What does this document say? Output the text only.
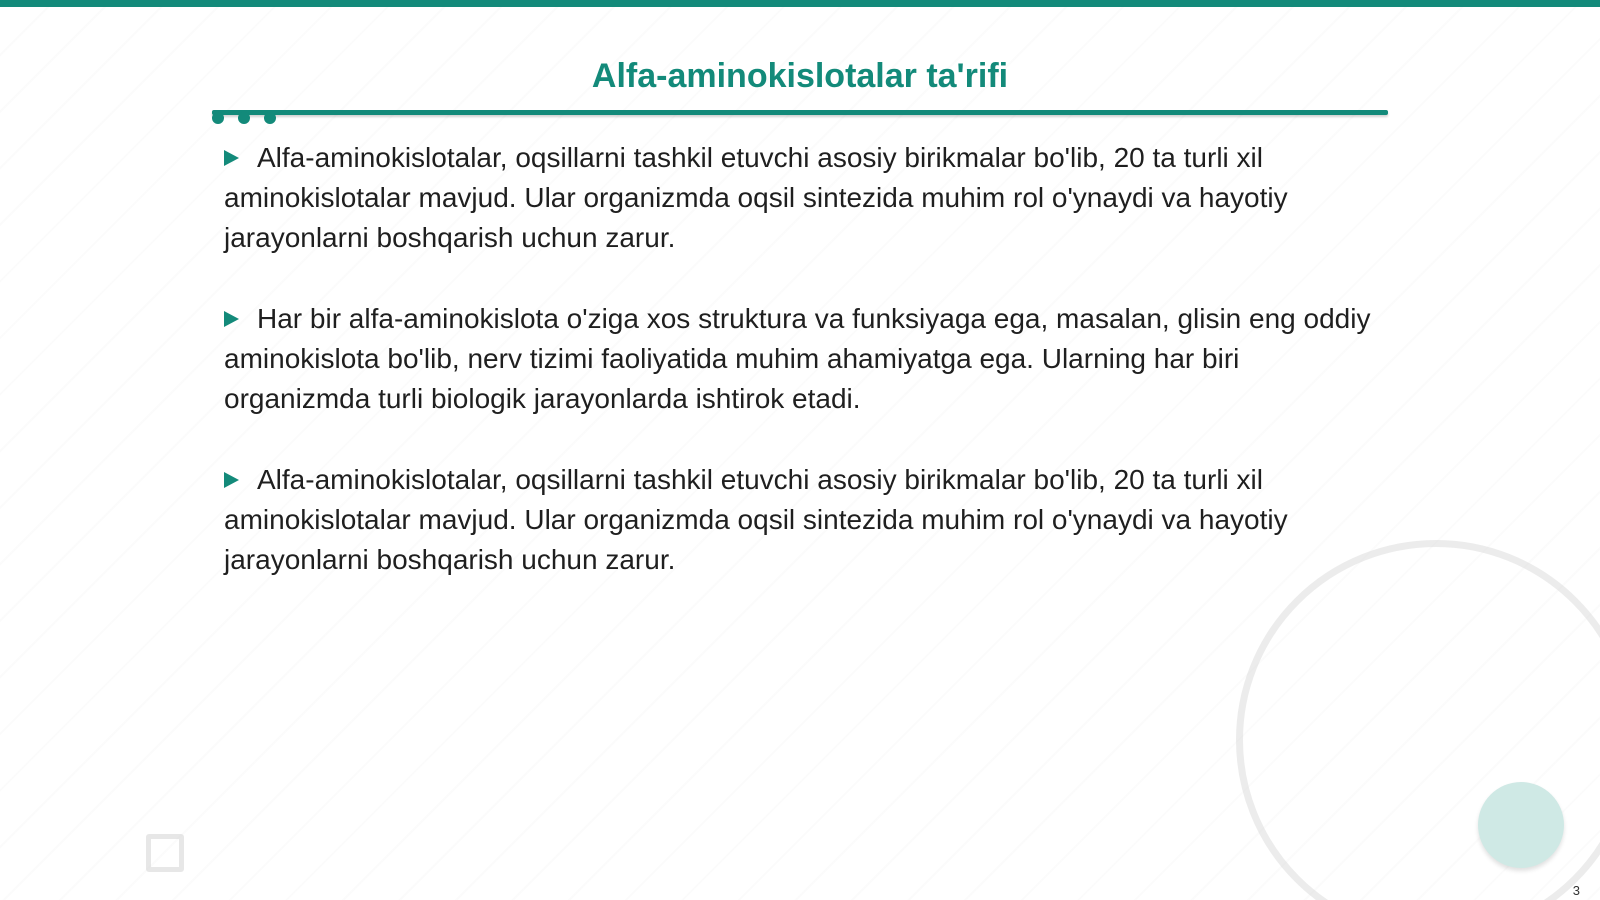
Alfa-aminokislotalar ta'rifi

Alfa-aminokislotalar, oqsillarni tashkil etuvchi asosiy birikmalar bo'lib, 20 ta turli xil aminokislotalar mavjud. Ular organizmda oqsil sintezida muhim rol o'ynaydi va hayotiy jarayonlarni boshqarish uchun zarur.

Har bir alfa-aminokislota o'ziga xos struktura va funksiyaga ega, masalan, glisin eng oddiy aminokislota bo'lib, nerv tizimi faoliyatida muhim ahamiyatga ega. Ularning har biri organizmda turli biologik jarayonlarda ishtirok etadi.

Alfa-aminokislotalar, oqsillarni tashkil etuvchi asosiy birikmalar bo'lib, 20 ta turli xil aminokislotalar mavjud. Ular organizmda oqsil sintezida muhim rol o'ynaydi va hayotiy jarayonlarni boshqarish uchun zarur.

3
